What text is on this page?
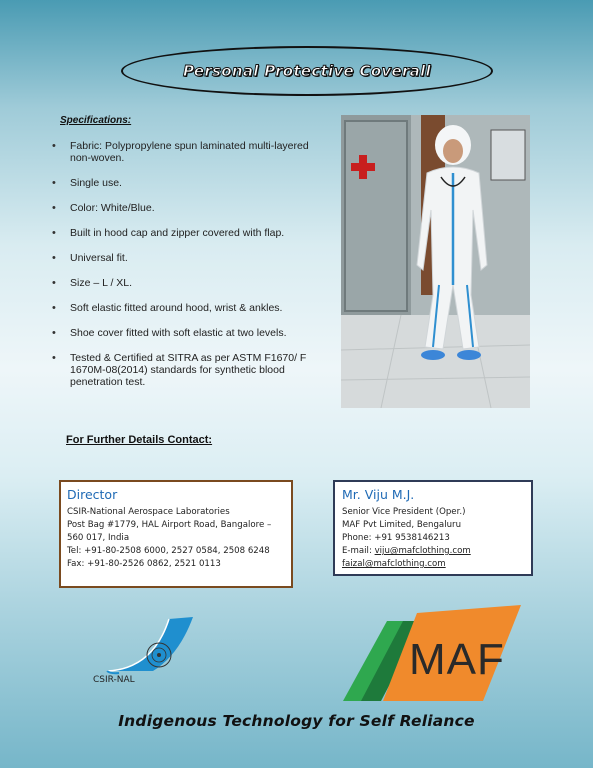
Personal Protective Coverall
Specifications:
• Fabric: Polypropylene spun laminated multi-layered non-woven.
• Single use.
• Color: White/Blue.
• Built in hood cap and zipper covered with flap.
• Universal fit.
• Size – L / XL.
• Soft elastic fitted around hood, wrist & ankles.
• Shoe cover fitted with soft elastic at two levels.
• Tested & Certified at SITRA as per ASTM F1670/ F 1670M-08(2014) standards for synthetic blood penetration test.
For Further Details Contact:
Director
CSIR-National Aerospace Laboratories
Post Bag #1779, HAL Airport Road, Bangalore – 560 017, India
Tel: +91-80-2508 6000, 2527 0584, 2508 6248
Fax: +91-80-2526 0862, 2521 0113
Mr. Viju M.J.
Senior Vice President (Oper.)
MAF Pvt Limited, Bengaluru
Phone: +91 9538146213
E-mail: viju@mafclothing.com
faizal@mafclothing.com
CSIR-NAL	MAF
Indigenous Technology for Self Reliance
